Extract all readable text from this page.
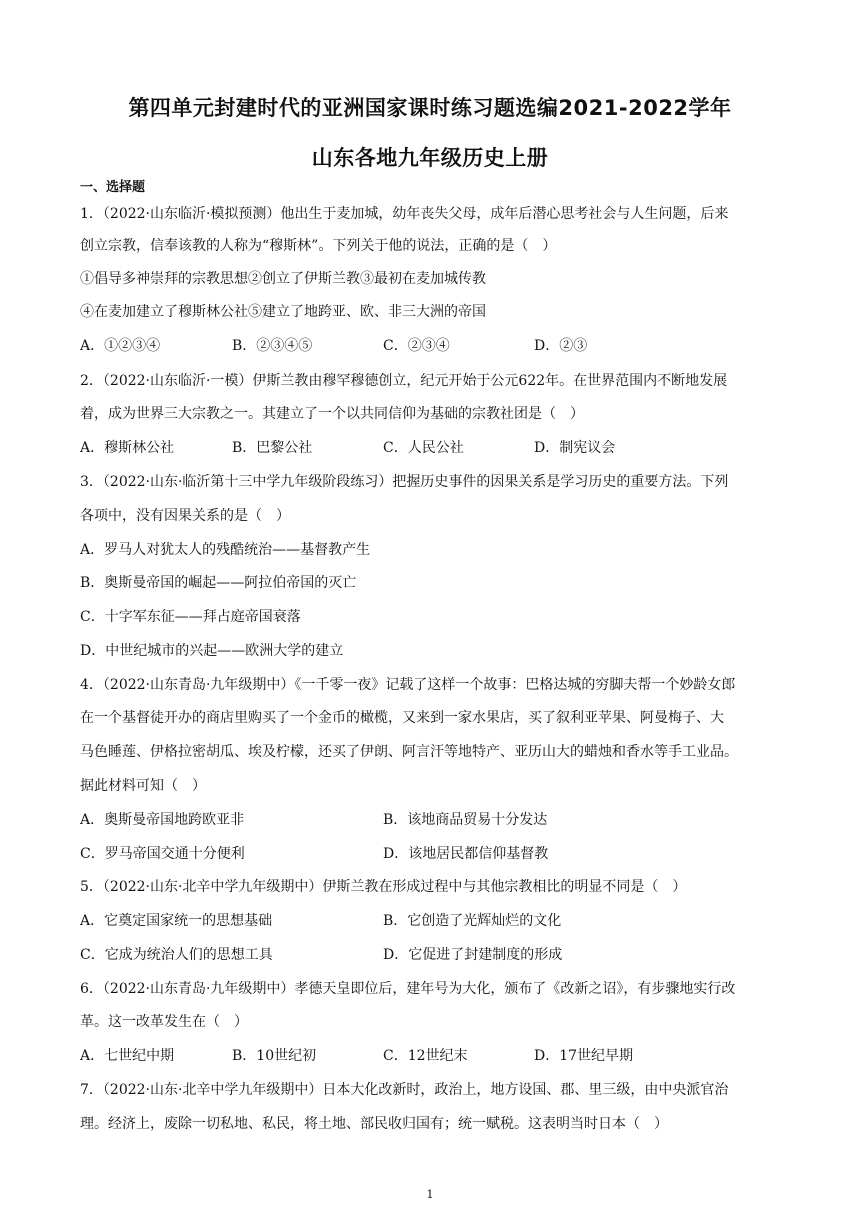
第四单元封建时代的亚洲国家课时练习题选编2021-2022学年
山东各地九年级历史上册
一、选择题
1．（2022·山东临沂·模拟预测）他出生于麦加城，幼年丧失父母，成年后潜心思考社会与人生问题，后来
创立宗教，信奉该教的人称为“穆斯林”。下列关于他的说法，正确的是（　）
①倡导多神崇拜的宗教思想②创立了伊斯兰教③最初在麦加城传教
④在麦加建立了穆斯林公社⑤建立了地跨亚、欧、非三大洲的帝国
A．①②③④	B．②③④⑤	C．②③④	D．②③
2．（2022·山东临沂·一模）伊斯兰教由穆罕穆德创立，纪元开始于公元622年。在世界范围内不断地发展
着，成为世界三大宗教之一。其建立了一个以共同信仰为基础的宗教社团是（　）
A．穆斯林公社	B．巴黎公社	C．人民公社	D．制宪议会
3．（2022·山东·临沂第十三中学九年级阶段练习）把握历史事件的因果关系是学习历史的重要方法。下列
各项中，没有因果关系的是（　）
A．罗马人对犹太人的残酷统治——基督教产生
B．奥斯曼帝国的崛起——阿拉伯帝国的灭亡
C．十字军东征——拜占庭帝国衰落
D．中世纪城市的兴起——欧洲大学的建立
4．（2022·山东青岛·九年级期中）《一千零一夜》记载了这样一个故事：巴格达城的穷脚夫帮一个妙龄女郎
在一个基督徒开办的商店里购买了一个金币的橄榄，又来到一家水果店，买了叙利亚苹果、阿曼梅子、大
马色睡莲、伊格拉密胡瓜、埃及柠檬，还买了伊朗、阿言汗等地特产、亚历山大的蜡烛和香水等手工业品。
据此材料可知（　）
A．奥斯曼帝国地跨欧亚非	B．该地商品贸易十分发达
C．罗马帝国交通十分便利	D．该地居民都信仰基督教
5．（2022·山东·北辛中学九年级期中）伊斯兰教在形成过程中与其他宗教相比的明显不同是（　）
A．它奠定国家统一的思想基础	B．它创造了光辉灿烂的文化
C．它成为统治人们的思想工具	D．它促进了封建制度的形成
6．（2022·山东青岛·九年级期中）孝德天皇即位后，建年号为大化，颁布了《改新之诏》，有步骤地实行改
革。这一改革发生在（　）
A．七世纪中期	B．10世纪初	C．12世纪末	D．17世纪早期
7．（2022·山东·北辛中学九年级期中）日本大化改新时，政治上，地方设国、郡、里三级，由中央派官治
理。经济上，废除一切私地、私民，将土地、部民收归国有；统一赋税。这表明当时日本（　）
1
